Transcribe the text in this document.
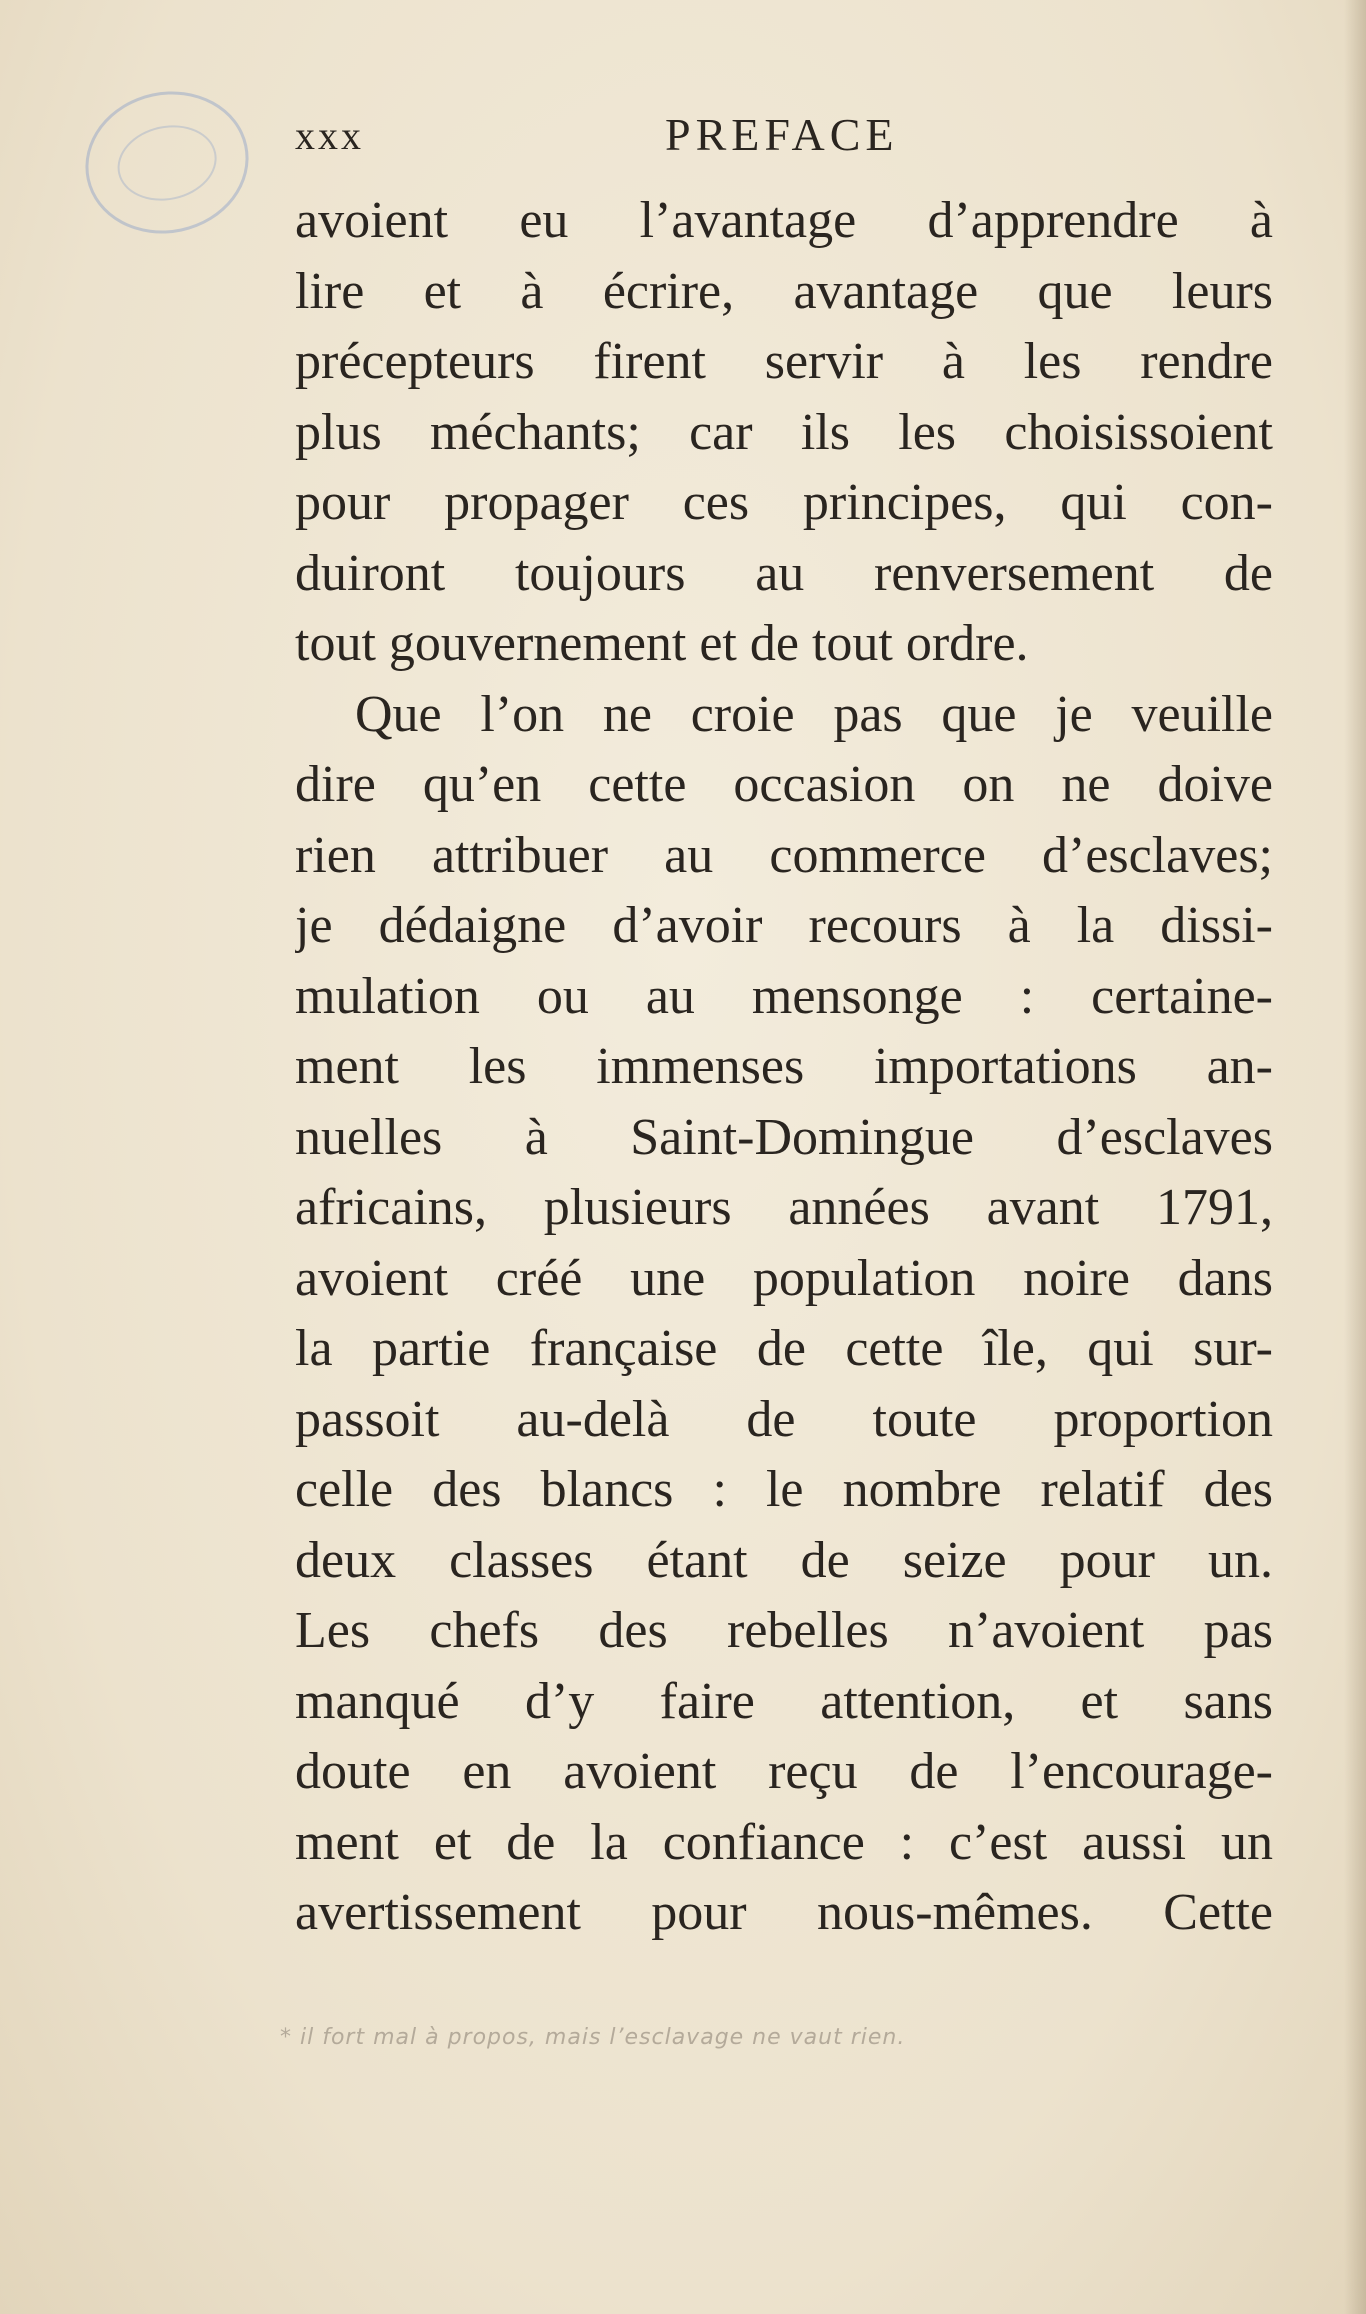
xxx	PREFACE
avoient eu l’avantage d’apprendre à
lire et à écrire, avantage que leurs
précepteurs firent servir à les rendre
plus méchants; car ils les choisissoient
pour propager ces principes, qui con-
duiront toujours au renversement de
tout gouvernement et de tout ordre.
Que l’on ne croie pas que je veuille
dire qu’en cette occasion on ne doive
rien attribuer au commerce d’esclaves;
je dédaigne d’avoir recours à la dissi-
mulation ou au mensonge : certaine-
ment les immenses importations an-
nuelles à Saint-Domingue d’esclaves
africains, plusieurs années avant 1791,
avoient créé une population noire dans
la partie française de cette île, qui sur-
passoit au-delà de toute proportion
celle des blancs : le nombre relatif des
deux classes étant de seize pour un.
Les chefs des rebelles n’avoient pas
manqué d’y faire attention, et sans
doute en avoient reçu de l’encourage-
ment et de la confiance : c’est aussi un
avertissement pour nous-mêmes. Cette
* il fort mal à propos, mais l’esclavage ne vaut rien.
